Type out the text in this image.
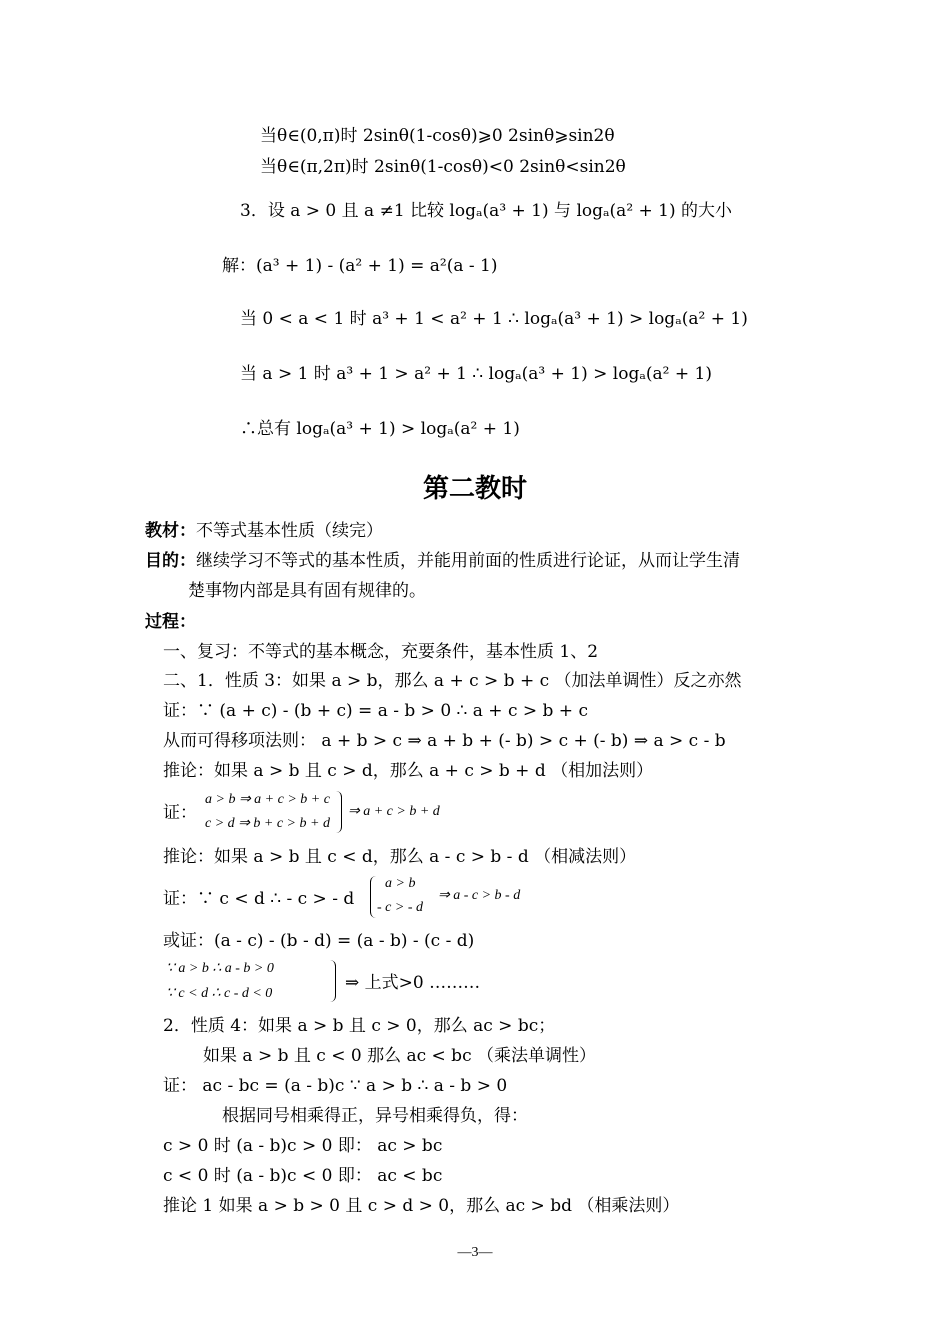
当θ∈(0,π)时 2sinθ(1-cosθ)⩾0 2sinθ⩾sin2θ
当θ∈(π,2π)时 2sinθ(1-cosθ)<0 2sinθ<sin2θ
3．设 a > 0 且 a ≠1 比较 logₐ(a³ + 1) 与 logₐ(a² + 1) 的大小
解：(a³ + 1) - (a² + 1) = a²(a - 1)
当 0 < a < 1 时 a³ + 1 < a² + 1 ∴ logₐ(a³ + 1) > logₐ(a² + 1)
当 a > 1 时 a³ + 1 > a² + 1 ∴ logₐ(a³ + 1) > logₐ(a² + 1)
∴总有 logₐ(a³ + 1) > logₐ(a² + 1)
第二教时
教材：不等式基本性质（续完）
目的：继续学习不等式的基本性质，并能用前面的性质进行论证，从而让学生清
楚事物内部是具有固有规律的。
过程：
一、复习：不等式的基本概念，充要条件，基本性质 1、2
二、1．性质 3：如果 a > b，那么 a + c > b + c （加法单调性）反之亦然
证：∵ (a + c) - (b + c) = a - b > 0 ∴ a + c > b + c
从而可得移项法则： a + b > c ⇒ a + b + (- b) > c + (- b) ⇒ a > c - b
推论：如果 a > b 且 c > d，那么 a + c > b + d （相加法则）
证：
a > b ⇒ a + c > b + c
c > d ⇒ b + c > b + d
⇒ a + c > b + d
推论：如果 a > b 且 c < d，那么 a - c > b - d （相减法则）
证：∵ c < d ∴ - c > - d
a > b
- c > - d
⇒ a - c > b - d
或证：(a - c) - (b - d) = (a - b) - (c - d)
∵ a > b ∴ a - b > 0
∵ c < d ∴ c - d < 0
⇒ 上式>0 ………
2．性质 4：如果 a > b 且 c > 0，那么 ac > bc；
如果 a > b 且 c < 0 那么 ac < bc （乘法单调性）
证： ac - bc = (a - b)c ∵ a > b ∴ a - b > 0
根据同号相乘得正，异号相乘得负，得：
c > 0 时 (a - b)c > 0 即： ac > bc
c < 0 时 (a - b)c < 0 即： ac < bc
推论 1 如果 a > b > 0 且 c > d > 0，那么 ac > bd （相乘法则）
—3—
